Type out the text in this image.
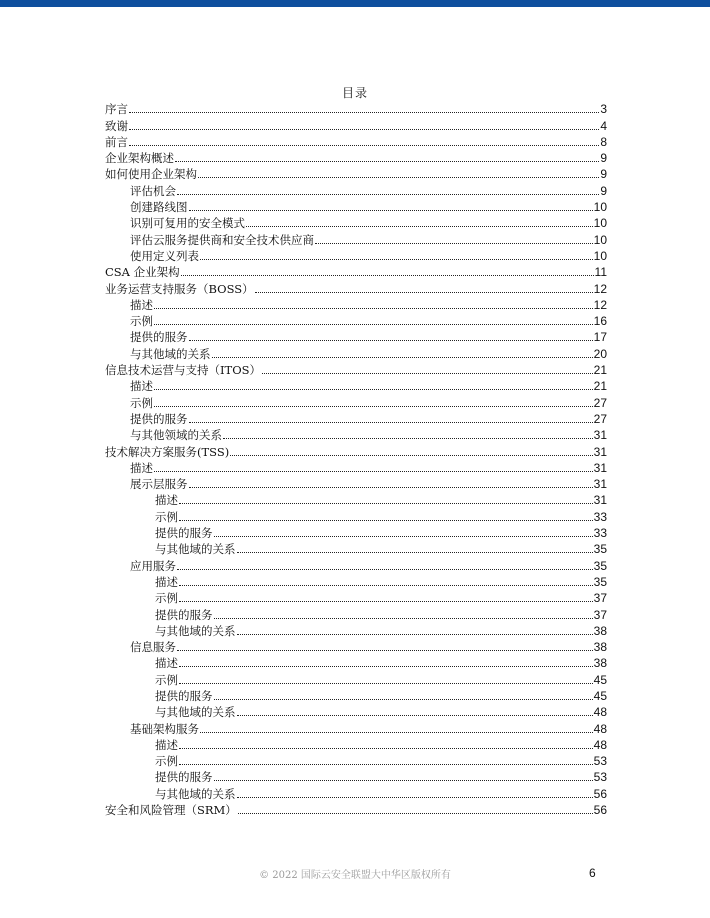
目录
序言	3
致谢	4
前言	8
企业架构概述	9
如何使用企业架构	9
评估机会	9
创建路线图	10
识别可复用的安全模式	10
评估云服务提供商和安全技术供应商	10
使用定义列表	10
CSA 企业架构	11
业务运营支持服务（BOSS）	12
描述	12
示例	16
提供的服务	17
与其他域的关系	20
信息技术运营与支持（ITOS）	21
描述	21
示例	27
提供的服务	27
与其他领域的关系	31
技术解决方案服务(TSS)	31
描述	31
展示层服务	31
描述	31
示例	33
提供的服务	33
与其他域的关系	35
应用服务	35
描述	35
示例	37
提供的服务	37
与其他域的关系	38
信息服务	38
描述	38
示例	45
提供的服务	45
与其他域的关系	48
基础架构服务	48
描述	48
示例	53
提供的服务	53
与其他域的关系	56
安全和风险管理（SRM）	56
© 2022 国际云安全联盟大中华区版权所有	6
